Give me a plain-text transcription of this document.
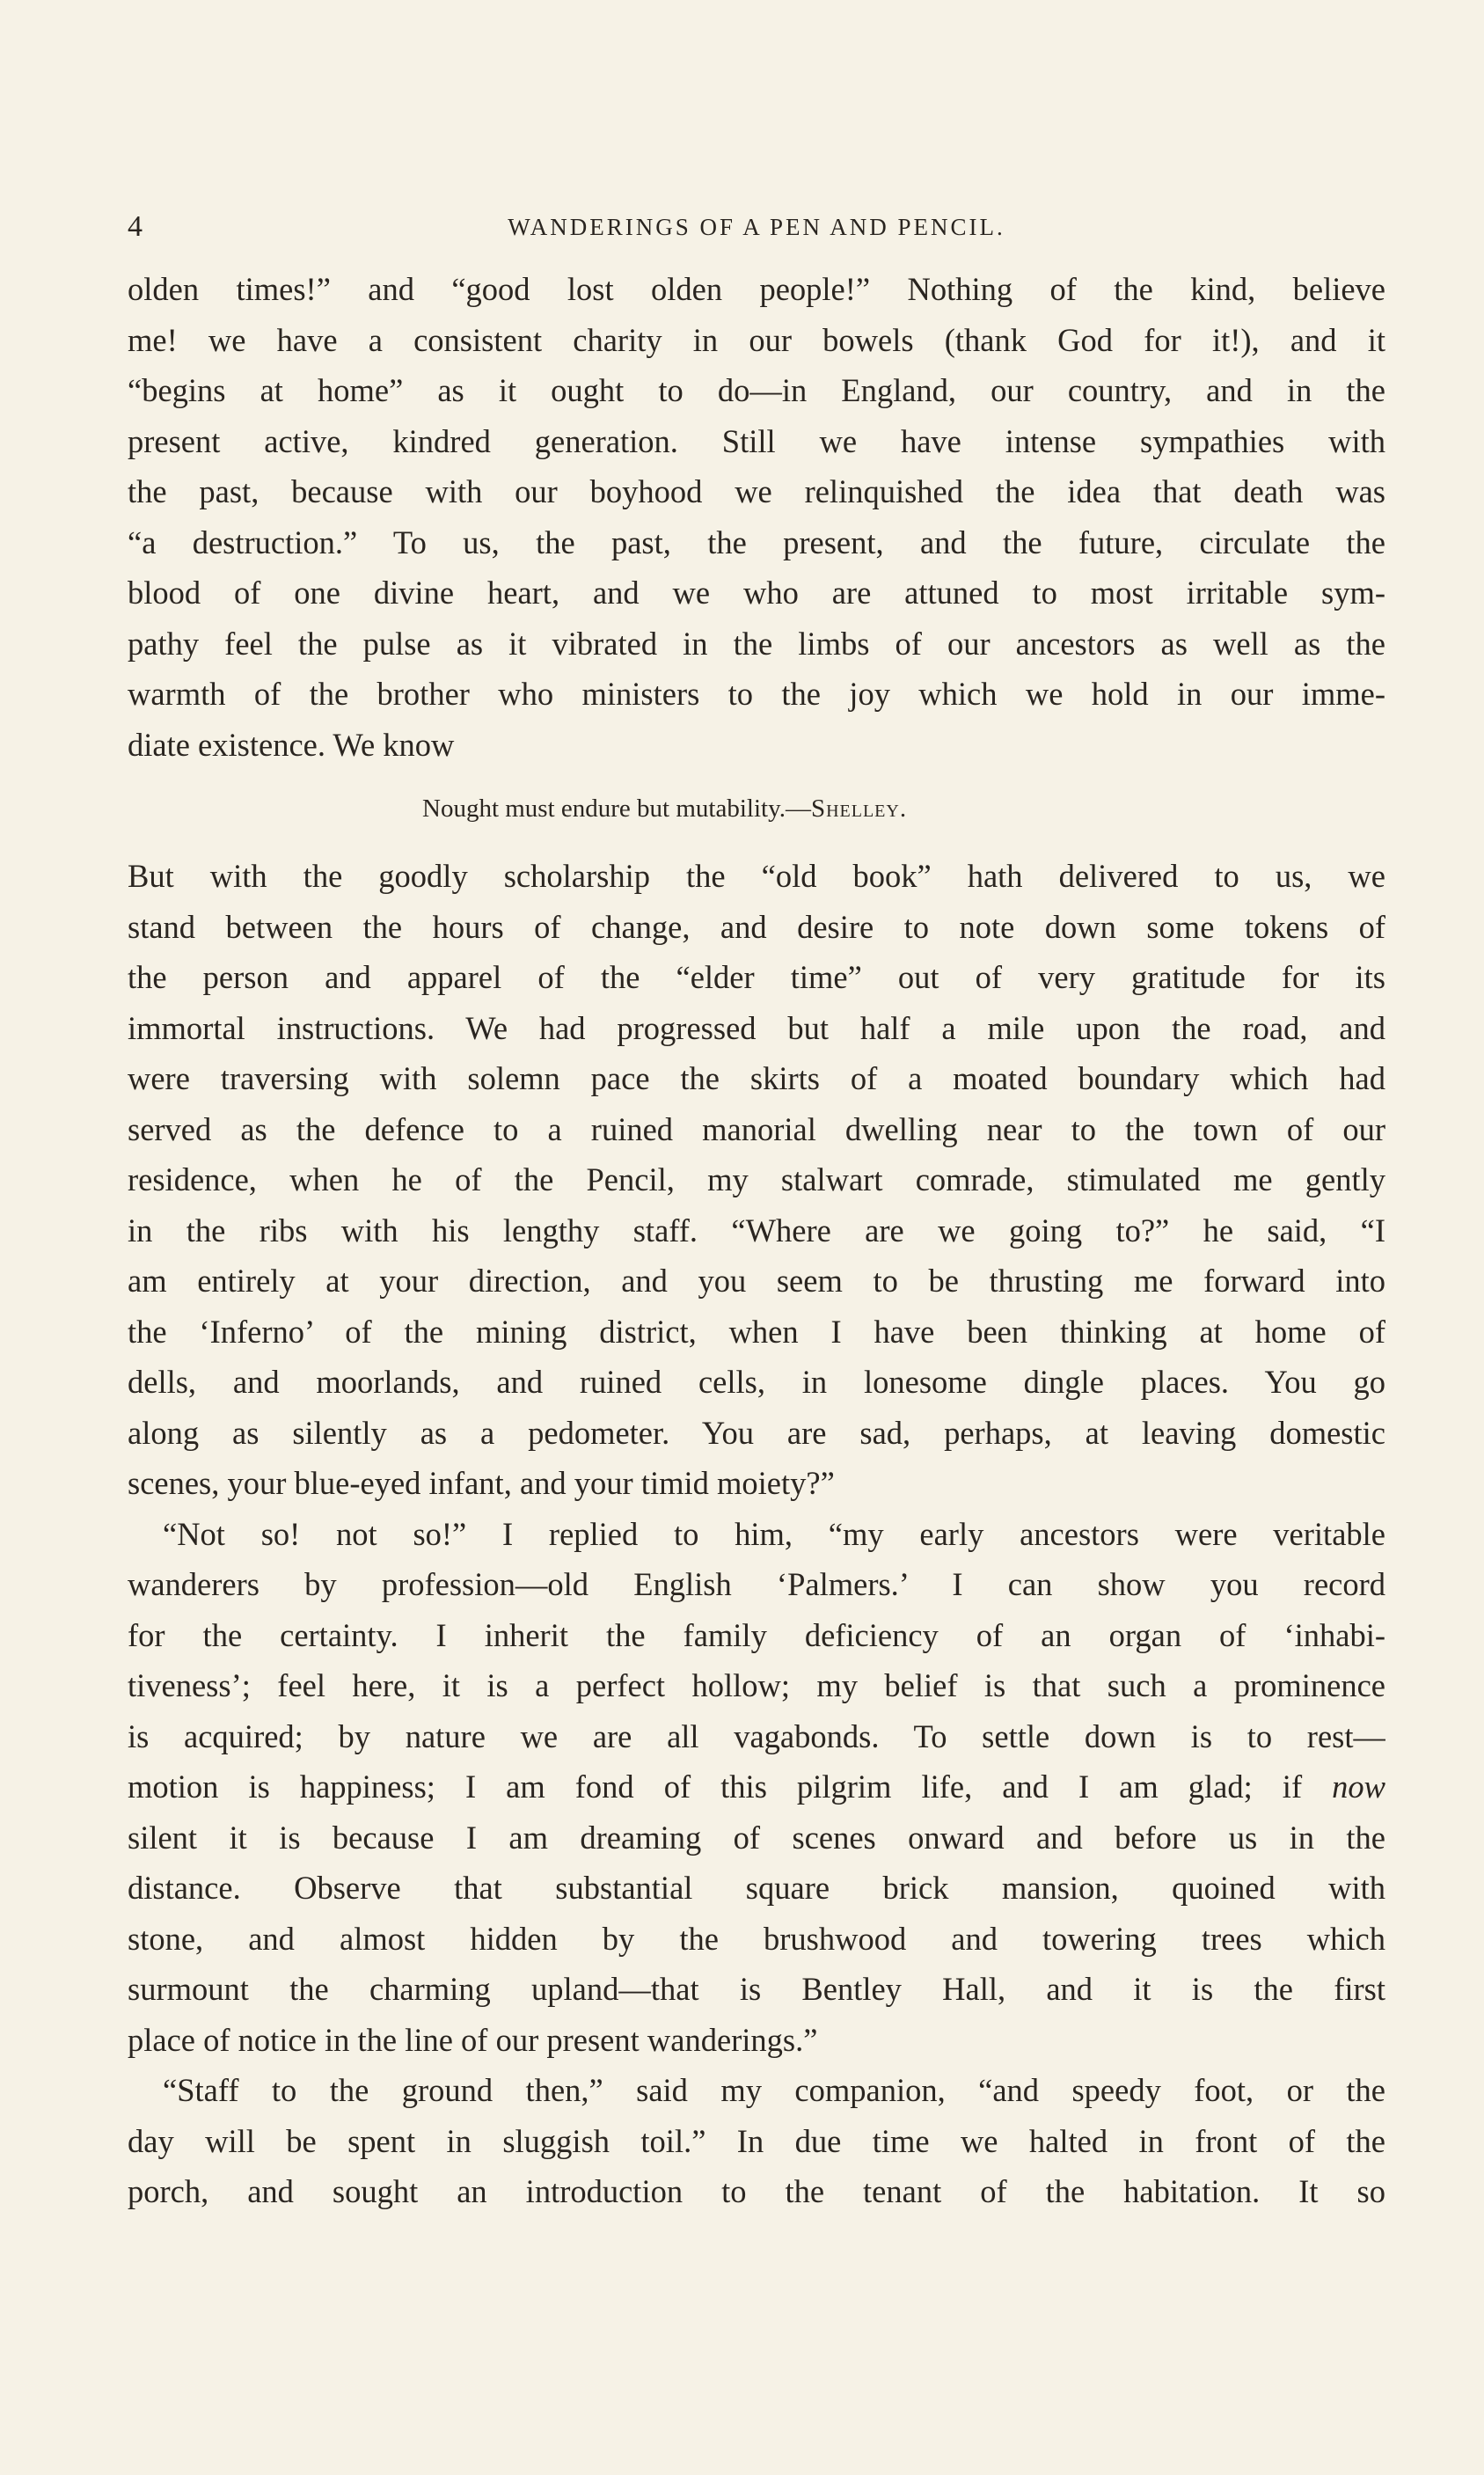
4	WANDERINGS OF A PEN AND PENCIL.
olden times!” and “good lost olden people!” Nothing of the kind, believe
me! we have a consistent charity in our bowels (thank God for it!), and it
“begins at home” as it ought to do—in England, our country, and in the
present active, kindred generation. Still we have intense sympathies with
the past, because with our boyhood we relinquished the idea that death was
“a destruction.” To us, the past, the present, and the future, circulate the
blood of one divine heart, and we who are attuned to most irritable sym-
pathy feel the pulse as it vibrated in the limbs of our ancestors as well as the
warmth of the brother who ministers to the joy which we hold in our imme-
diate existence. We know
Nought must endure but mutability.—Shelley.
But with the goodly scholarship the “old book” hath delivered to us, we
stand between the hours of change, and desire to note down some tokens of
the person and apparel of the “elder time” out of very gratitude for its
immortal instructions. We had progressed but half a mile upon the road, and
were traversing with solemn pace the skirts of a moated boundary which had
served as the defence to a ruined manorial dwelling near to the town of our
residence, when he of the Pencil, my stalwart comrade, stimulated me gently
in the ribs with his lengthy staff. “Where are we going to?” he said, “I
am entirely at your direction, and you seem to be thrusting me forward into
the ‘Inferno’ of the mining district, when I have been thinking at home of
dells, and moorlands, and ruined cells, in lonesome dingle places. You go
along as silently as a pedometer. You are sad, perhaps, at leaving domestic
scenes, your blue-eyed infant, and your timid moiety?”
“Not so! not so!” I replied to him, “my early ancestors were veritable
wanderers by profession—old English ‘Palmers.’ I can show you record
for the certainty. I inherit the family deficiency of an organ of ‘inhabi-
tiveness’; feel here, it is a perfect hollow; my belief is that such a prominence
is acquired; by nature we are all vagabonds. To settle down is to rest—
motion is happiness; I am fond of this pilgrim life, and I am glad; if now
silent it is because I am dreaming of scenes onward and before us in the
distance. Observe that substantial square brick mansion, quoined with
stone, and almost hidden by the brushwood and towering trees which
surmount the charming upland—that is Bentley Hall, and it is the first
place of notice in the line of our present wanderings.”
“Staff to the ground then,” said my companion, “and speedy foot, or the
day will be spent in sluggish toil.” In due time we halted in front of the
porch, and sought an introduction to the tenant of the habitation. It so
